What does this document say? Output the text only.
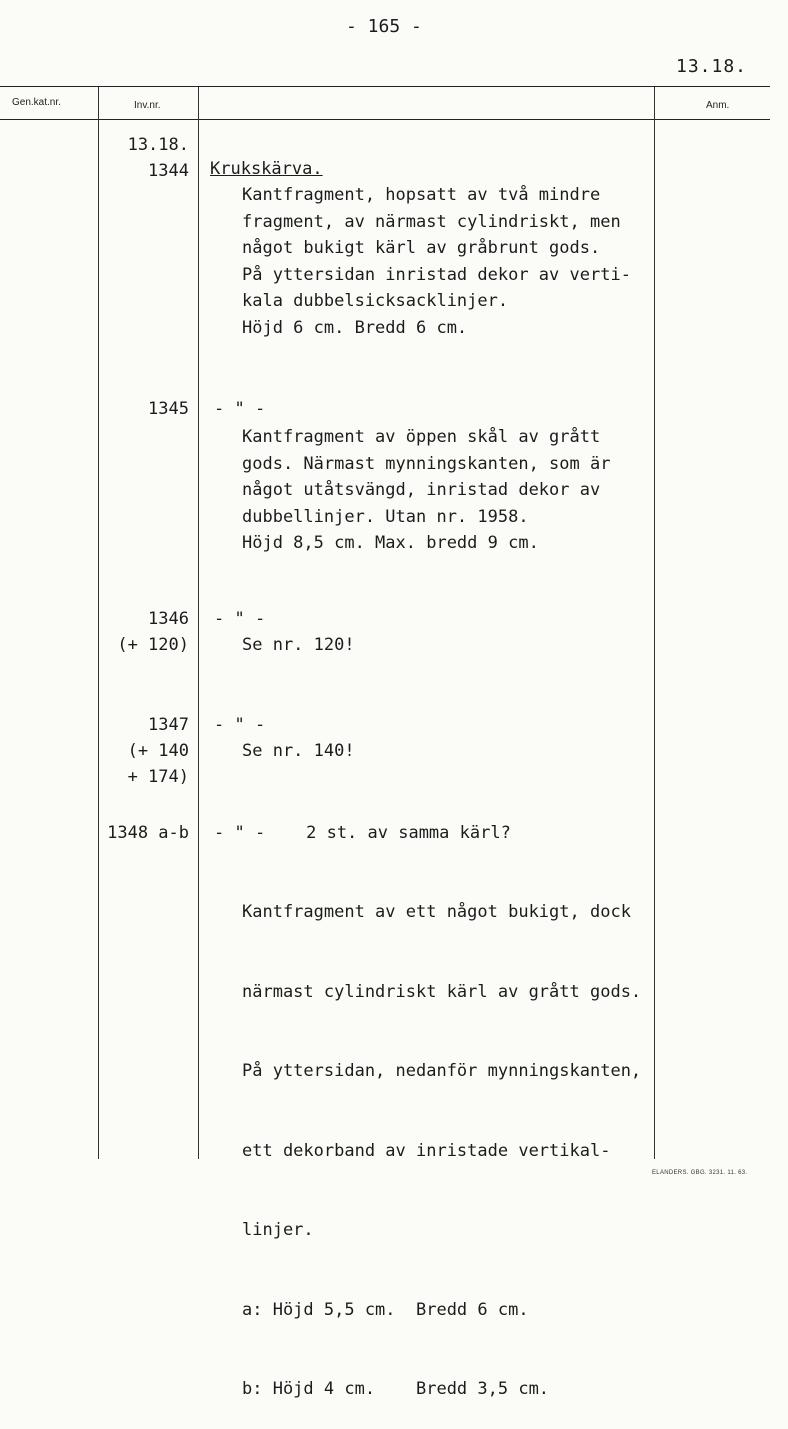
- 165 -
13.18.
Gen.kat.nr.	Inv.nr.	Anm.
13.18.
1344 Krukskärva.
Kantfragment, hopsatt av två mindre
fragment, av närmast cylindriskt, men
något bukigt kärl av gråbrunt gods.
På yttersidan inristad dekor av verti-
kala dubbelsicksacklinjer.
Höjd 6 cm. Bredd 6 cm.
1345 - " -
Kantfragment av öppen skål av grått
gods. Närmast mynningskanten, som är
något utåtsvängd, inristad dekor av
dubbellinjer. Utan nr. 1958.
Höjd 8,5 cm. Max. bredd 9 cm.
1346
(+ 120)
- " -
Se nr. 120!
1347
(+ 140
+ 174)
- " -
Se nr. 140!
1348 a-b - " -    2 st. av samma kärl?

Kantfragment av ett något bukigt, dock

närmast cylindriskt kärl av grått gods.

På yttersidan, nedanför mynningskanten,

ett dekorband av inristade vertikal-

linjer.

a: Höjd 5,5 cm.  Bredd 6 cm.

b: Höjd 4 cm.    Bredd 3,5 cm.

ELANDERS. GBG. 3231. 11. 63.
